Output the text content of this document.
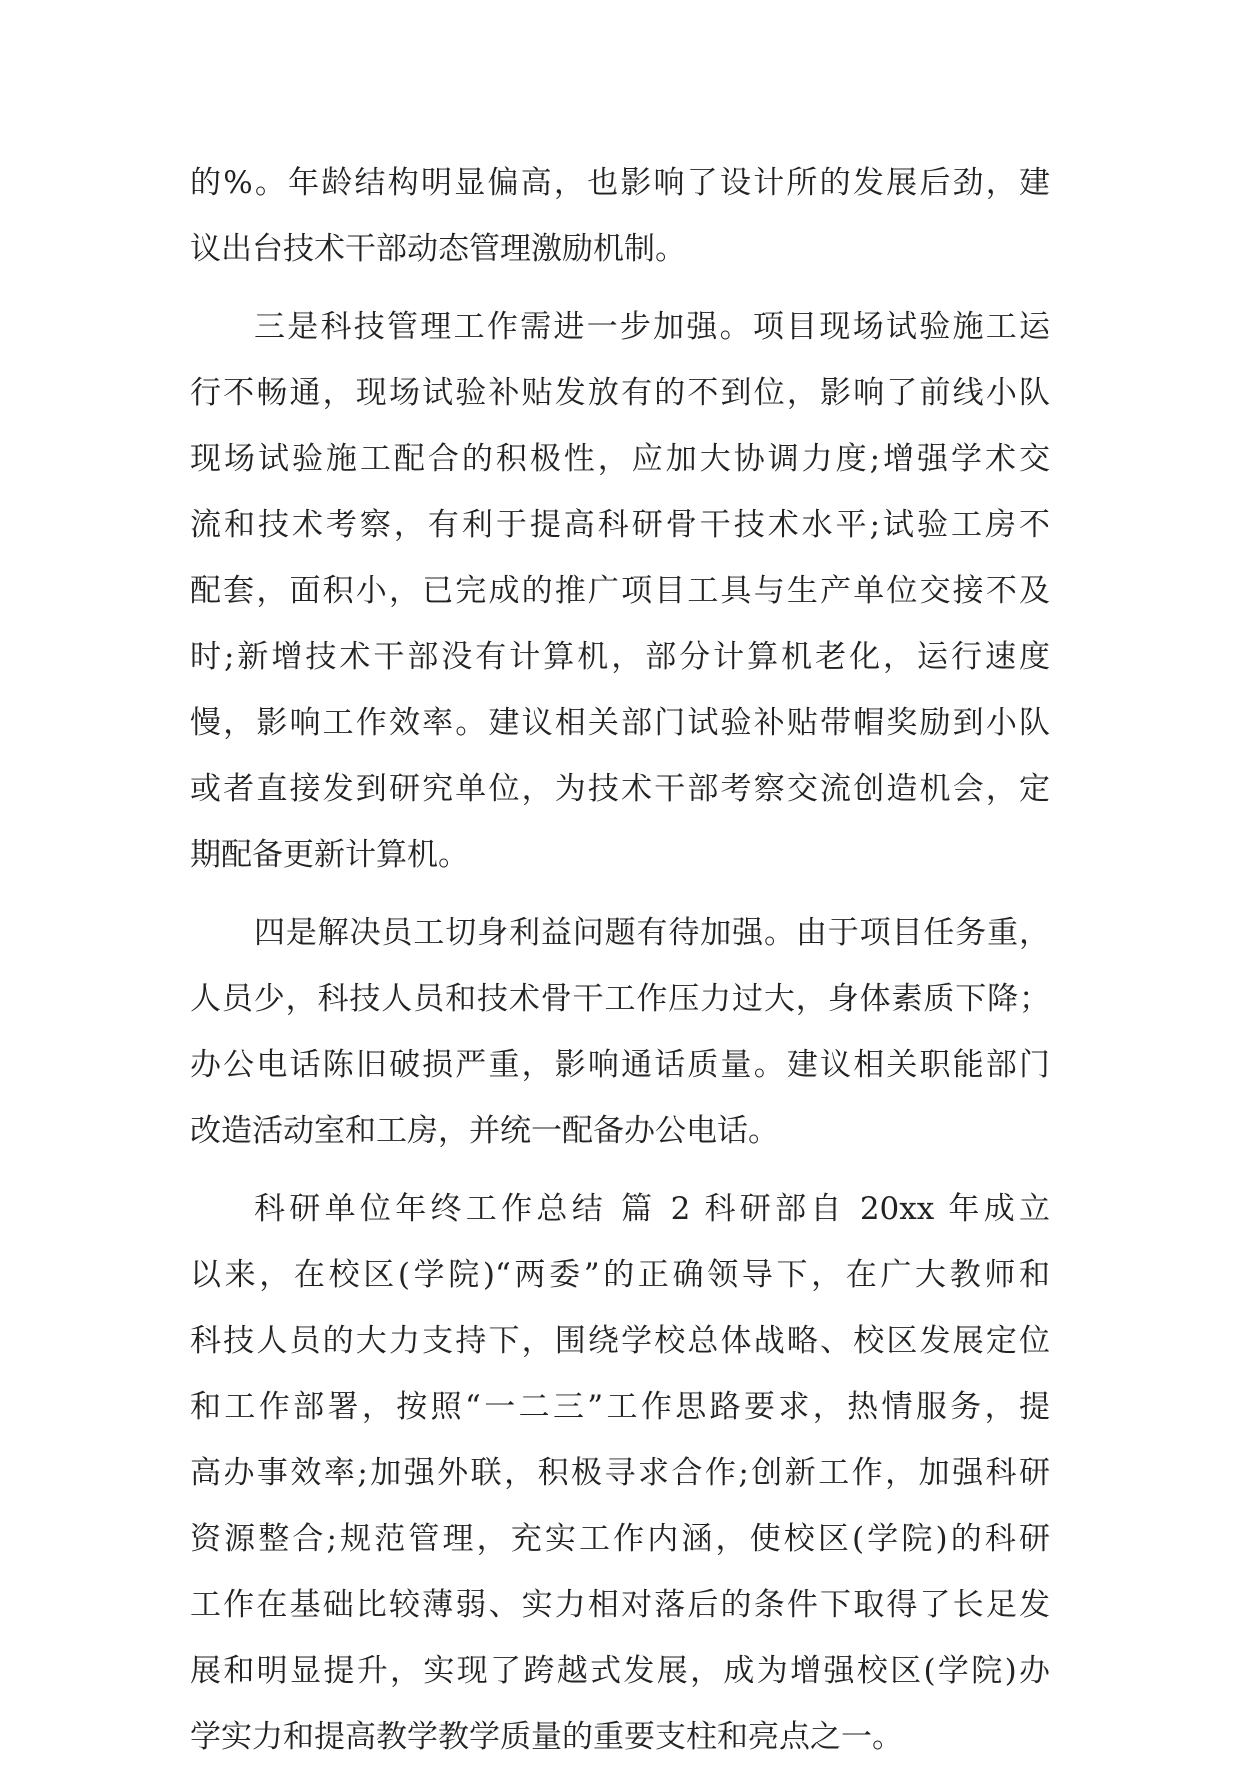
的%。年龄结构明显偏高，也影响了设计所的发展后劲，建
议出台技术干部动态管理激励机制。
三是科技管理工作需进一步加强。项目现场试验施工运
行不畅通，现场试验补贴发放有的不到位，影响了前线小队
现场试验施工配合的积极性，应加大协调力度;增强学术交
流和技术考察，有利于提高科研骨干技术水平;试验工房不
配套，面积小，已完成的推广项目工具与生产单位交接不及
时;新增技术干部没有计算机，部分计算机老化，运行速度
慢，影响工作效率。建议相关部门试验补贴带帽奖励到小队
或者直接发到研究单位，为技术干部考察交流创造机会，定
期配备更新计算机。
四是解决员工切身利益问题有待加强。由于项目任务重，
人员少，科技人员和技术骨干工作压力过大，身体素质下降；
办公电话陈旧破损严重，影响通话质量。建议相关职能部门
改造活动室和工房，并统一配备办公电话。
科研单位年终工作总结 篇 2 科研部自 20xx 年成立
以来，在校区(学院)“两委”的正确领导下，在广大教师和
科技人员的大力支持下，围绕学校总体战略、校区发展定位
和工作部署，按照“一二三”工作思路要求，热情服务，提
高办事效率;加强外联，积极寻求合作;创新工作，加强科研
资源整合;规范管理，充实工作内涵，使校区(学院)的科研
工作在基础比较薄弱、实力相对落后的条件下取得了长足发
展和明显提升，实现了跨越式发展，成为增强校区(学院)办
学实力和提高教学教学质量的重要支柱和亮点之一。
